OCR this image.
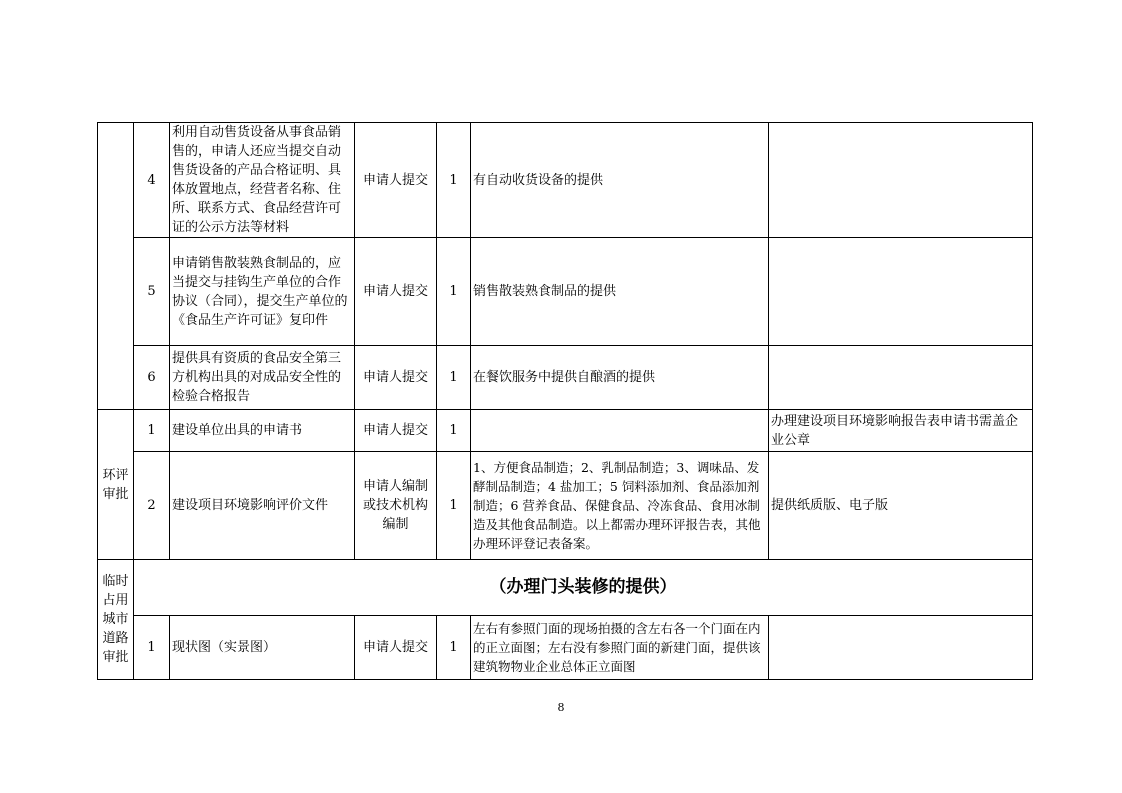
	4	利用自动售货设备从事食品销售的，申请人还应当提交自动售货设备的产品合格证明、具体放置地点，经营者名称、住所、联系方式、食品经营许可证的公示方法等材料	申请人提交	1	有自动收货设备的提供	
	5	申请销售散装熟食制品的，应当提交与挂钩生产单位的合作协议（合同），提交生产单位的《食品生产许可证》复印件	申请人提交	1	销售散装熟食制品的提供	
	6	提供具有资质的食品安全第三方机构出具的对成品安全性的检验合格报告	申请人提交	1	在餐饮服务中提供自酿酒的提供	
环评审批	1	建设单位出具的申请书	申请人提交	1		办理建设项目环境影响报告表申请书需盖企业公章
	2	建设项目环境影响评价文件	申请人编制或技术机构编制	1	1、方便食品制造；2、乳制品制造；3、调味品、发酵制品制造；4 盐加工；5 饲料添加剂、食品添加剂制造；6 营养食品、保健食品、冷冻食品、食用冰制造及其他食品制造。以上都需办理环评报告表，其他办理环评登记表备案。	提供纸质版、电子版
临时占用城市道路审批	（办理门头装修的提供）					
	1	现状图（实景图）	申请人提交	1	左右有参照门面的现场拍摄的含左右各一个门面在内的正立面图；左右没有参照门面的新建门面，提供该建筑物物业企业总体正立面图	
8
